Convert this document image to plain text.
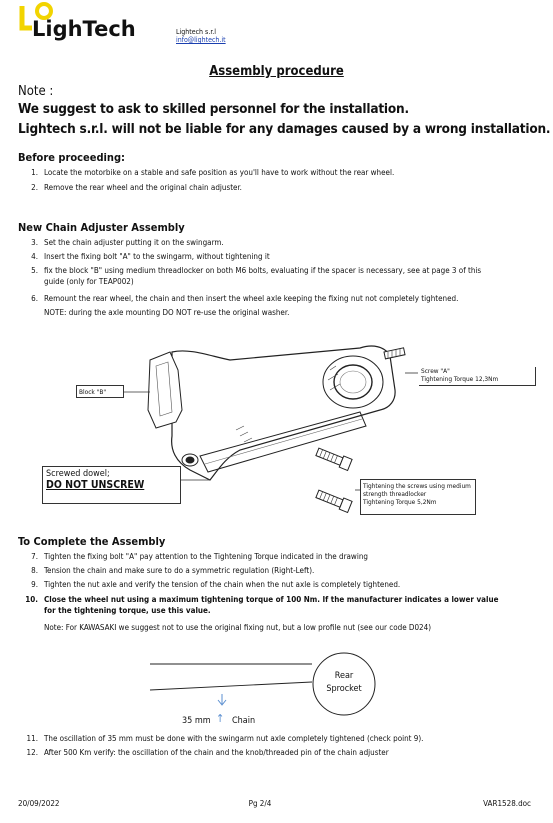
LighTech	Lightech s.r.l
info@lightech.it
Assembly procedure
Note :
We suggest to ask to skilled personnel for the installation.
Lightech s.r.l. will not be liable for any damages caused by a wrong installation.
Before proceeding:
1. Locate the motorbike on a stable and safe position as you'll have to work without the rear wheel.
2. Remove the rear wheel and the original chain adjuster.
New Chain Adjuster Assembly
3. Set the chain adjuster putting it on the swingarm.
4. Insert the fixing bolt "A" to the swingarm, without tightening it
5. fix the block "B" using medium threadlocker on both M6 bolts, evaluating if the spacer is necessary, see at page 3 of this guide (only for TEAP002)
6. Remount the rear wheel, the chain and then insert the wheel axle keeping the fixing nut not completely tightened.
NOTE: during the axle mounting DO NOT re-use the original washer.
Block "B"
Screw "A"
Tightening Torque 12,3Nm
Screwed dowel;
DO NOT UNSCREW	Tightening the screws using medium
strength threadlocker
Tightening Torque 5,2Nm
To Complete the Assembly
7. Tighten the fixing bolt "A" pay attention to the Tightening Torque indicated in the drawing
8. Tension the chain and make sure to do a symmetric regulation (Right-Left).
9. Tighten the nut axle and verify the tension of the chain when the nut axle is completely tightened.
10. Close the wheel nut using a maximum tightening torque of 100 Nm. If the manufacturer indicates a lower value for the tightening torque, use this value.
Note: For KAWASAKI we suggest not to use the original fixing nut, but a low profile nut (see our code D024)
Rear
Sprocket
35 mm ↑ Chain
11. The oscillation of 35 mm must be done with the swingarm nut axle completely tightened (check point 9).
12. After 500 Km verify: the oscillation of the chain and the knob/threaded pin of the chain adjuster
20/09/2022	Pg 2/4	VAR1528.doc
